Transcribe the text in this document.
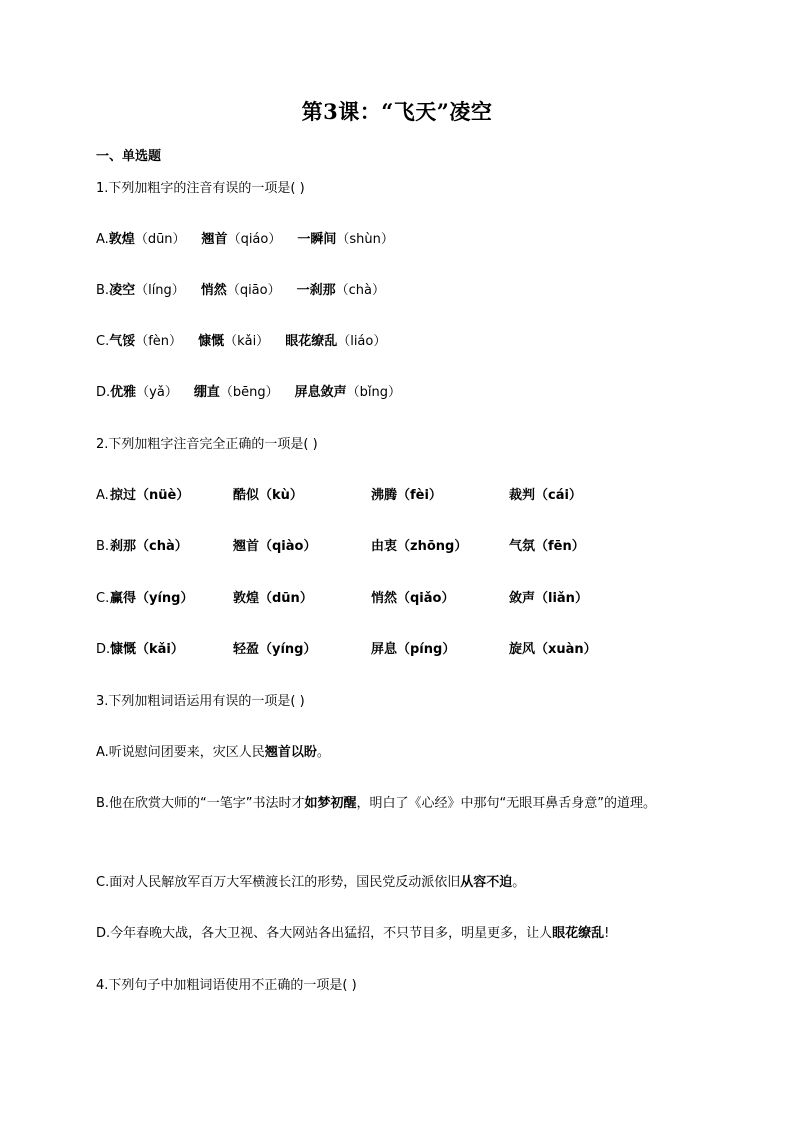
第3课：“飞天”凌空
一、单选题
1.下列加粗字的注音有误的一项是( )
A.敦煌（dūn） 翘首（qiáo） 一瞬间（shùn）
B.凌空（líng） 悄然（qiāo） 一刹那（chà）
C.气馁（fèn） 慷慨（kǎi） 眼花缭乱（liáo）
D.优雅（yǎ） 绷直（bēng） 屏息敛声（bǐng）
2.下列加粗字注音完全正确的一项是( )
A. 掠过（nüè）	酷似（kù）	沸腾（fèi）	裁判（cái）
B. 刹那（chà）	翘首（qiào）	由衷（zhōng）	气氛（fēn）
C. 赢得（yíng）	敦煌（dūn）	悄然（qiǎo）	敛声（liǎn）
D. 慷慨（kǎi）	轻盈（yíng）	屏息（píng）	旋风（xuàn）
3.下列加粗词语运用有误的一项是( )
A.听说慰问团要来，灾区人民翘首以盼。
B.他在欣赏大师的“一笔字”书法时才如梦初醒，明白了《心经》中那句“无眼耳鼻舌身意”的道理。
C.面对人民解放军百万大军横渡长江的形势，国民党反动派依旧从容不迫。
D.今年春晚大战，各大卫视、各大网站各出猛招，不只节目多，明星更多，让人眼花缭乱!
4.下列句子中加粗词语使用不正确的一项是( )
